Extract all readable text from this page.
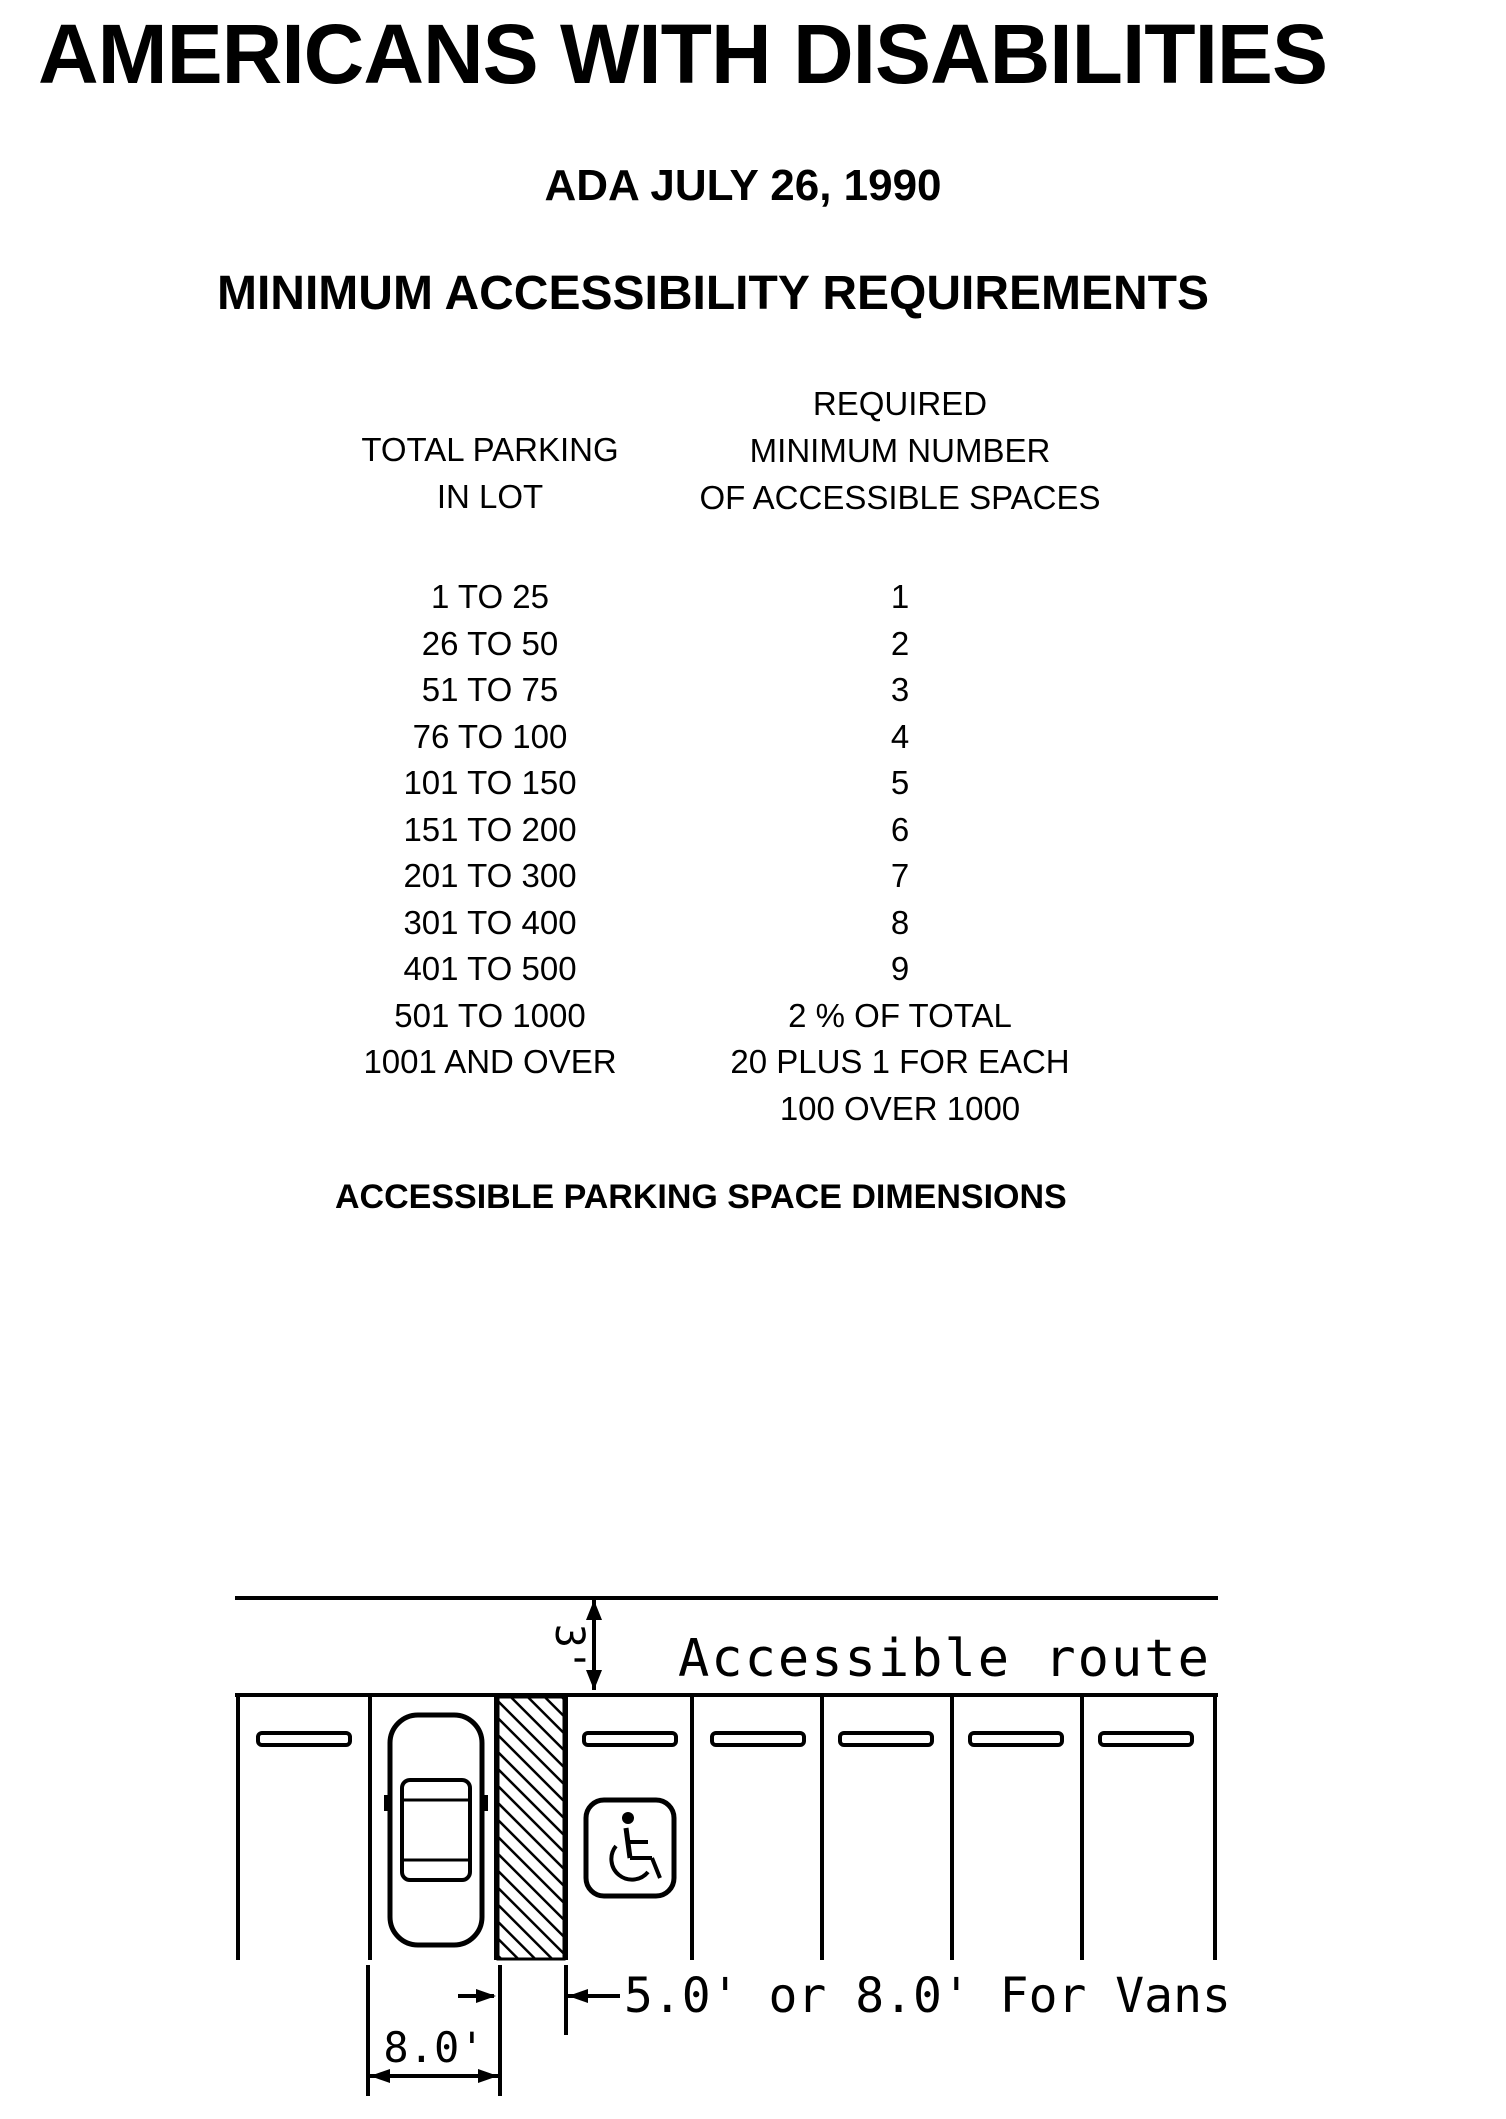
AMERICANS WITH DISABILITIES
ADA JULY 26, 1990
MINIMUM ACCESSIBILITY REQUIREMENTS
TOTAL PARKING
IN LOT
REQUIRED
MINIMUM NUMBER
OF ACCESSIBLE SPACES
1 TO 25	1
26 TO 50	2
51 TO 75	3
76 TO 100	4
101 TO 150	5
151 TO 200	6
201 TO 300	7
301 TO 400	8
401 TO 500	9
501 TO 1000	2 % OF TOTAL
1001 AND OVER	20 PLUS 1 FOR EACH
100 OVER 1000
ACCESSIBLE PARKING SPACE DIMENSIONS
3' Accessible route
8.0'
5.0' or 8.0' For Vans
